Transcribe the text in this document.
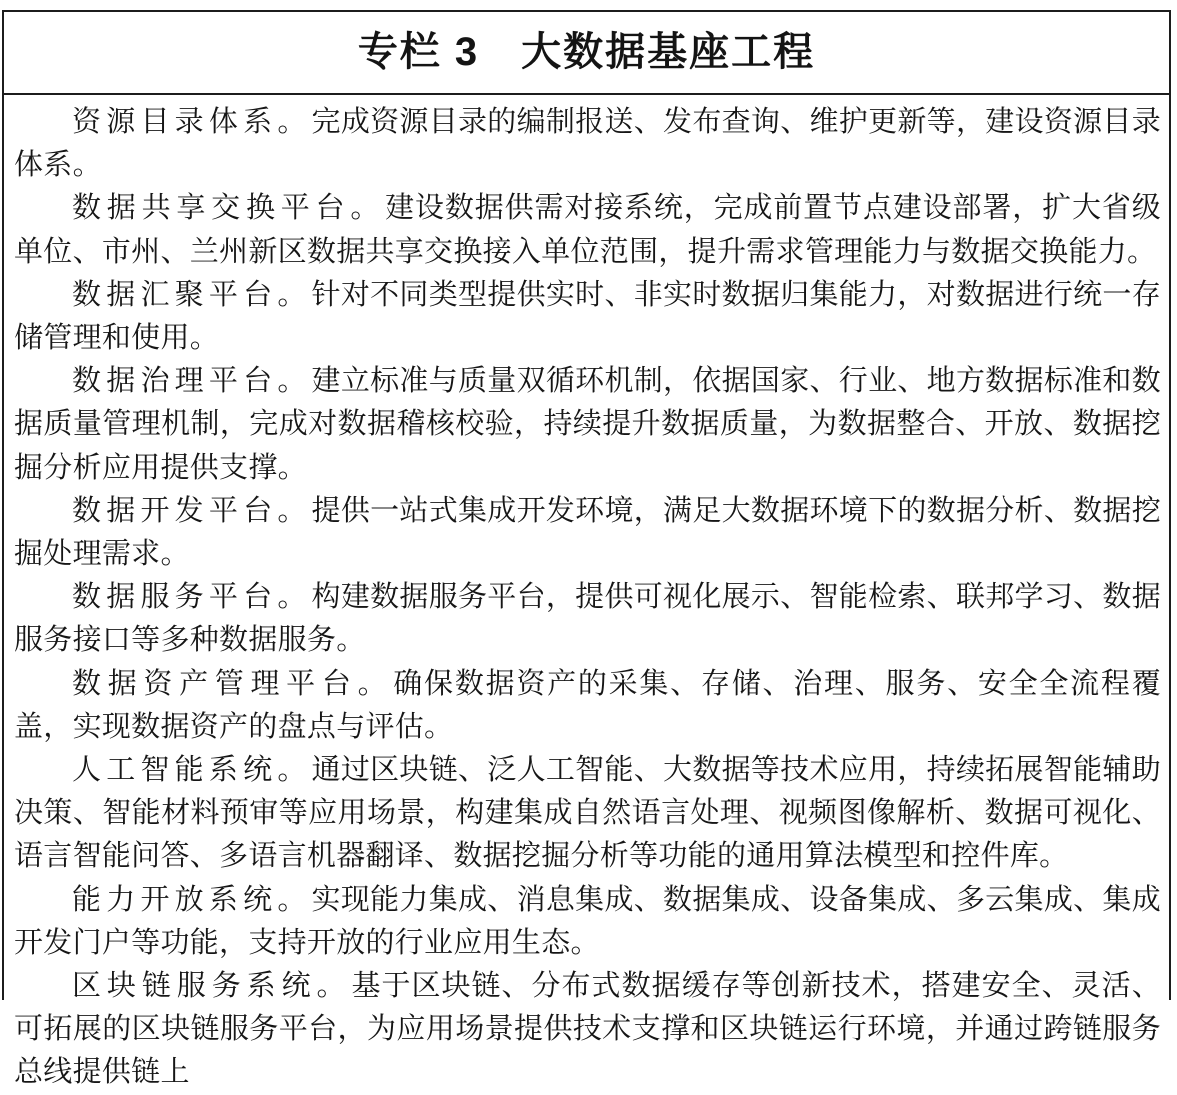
专栏 3　大数据基座工程

资源目录体系。完成资源目录的编制报送、发布查询、维护更新等，建设资源目录体系。

数据共享交换平台。建设数据供需对接系统，完成前置节点建设部署，扩大省级单位、市州、兰州新区数据共享交换接入单位范围，提升需求管理能力与数据交换能力。

数据汇聚平台。针对不同类型提供实时、非实时数据归集能力，对数据进行统一存储管理和使用。

数据治理平台。建立标准与质量双循环机制，依据国家、行业、地方数据标准和数据质量管理机制，完成对数据稽核校验，持续提升数据质量，为数据整合、开放、数据挖掘分析应用提供支撑。

数据开发平台。提供一站式集成开发环境，满足大数据环境下的数据分析、数据挖掘处理需求。

数据服务平台。构建数据服务平台，提供可视化展示、智能检索、联邦学习、数据服务接口等多种数据服务。

数据资产管理平台。确保数据资产的采集、存储、治理、服务、安全全流程覆盖，实现数据资产的盘点与评估。

人工智能系统。通过区块链、泛人工智能、大数据等技术应用，持续拓展智能辅助决策、智能材料预审等应用场景，构建集成自然语言处理、视频图像解析、数据可视化、语言智能问答、多语言机器翻译、数据挖掘分析等功能的通用算法模型和控件库。

能力开放系统。实现能力集成、消息集成、数据集成、设备集成、多云集成、集成开发门户等功能，支持开放的行业应用生态。

区块链服务系统。基于区块链、分布式数据缓存等创新技术，搭建安全、灵活、可拓展的区块链服务平台，为应用场景提供技术支撑和区块链运行环境，并通过跨链服务总线提供链上
